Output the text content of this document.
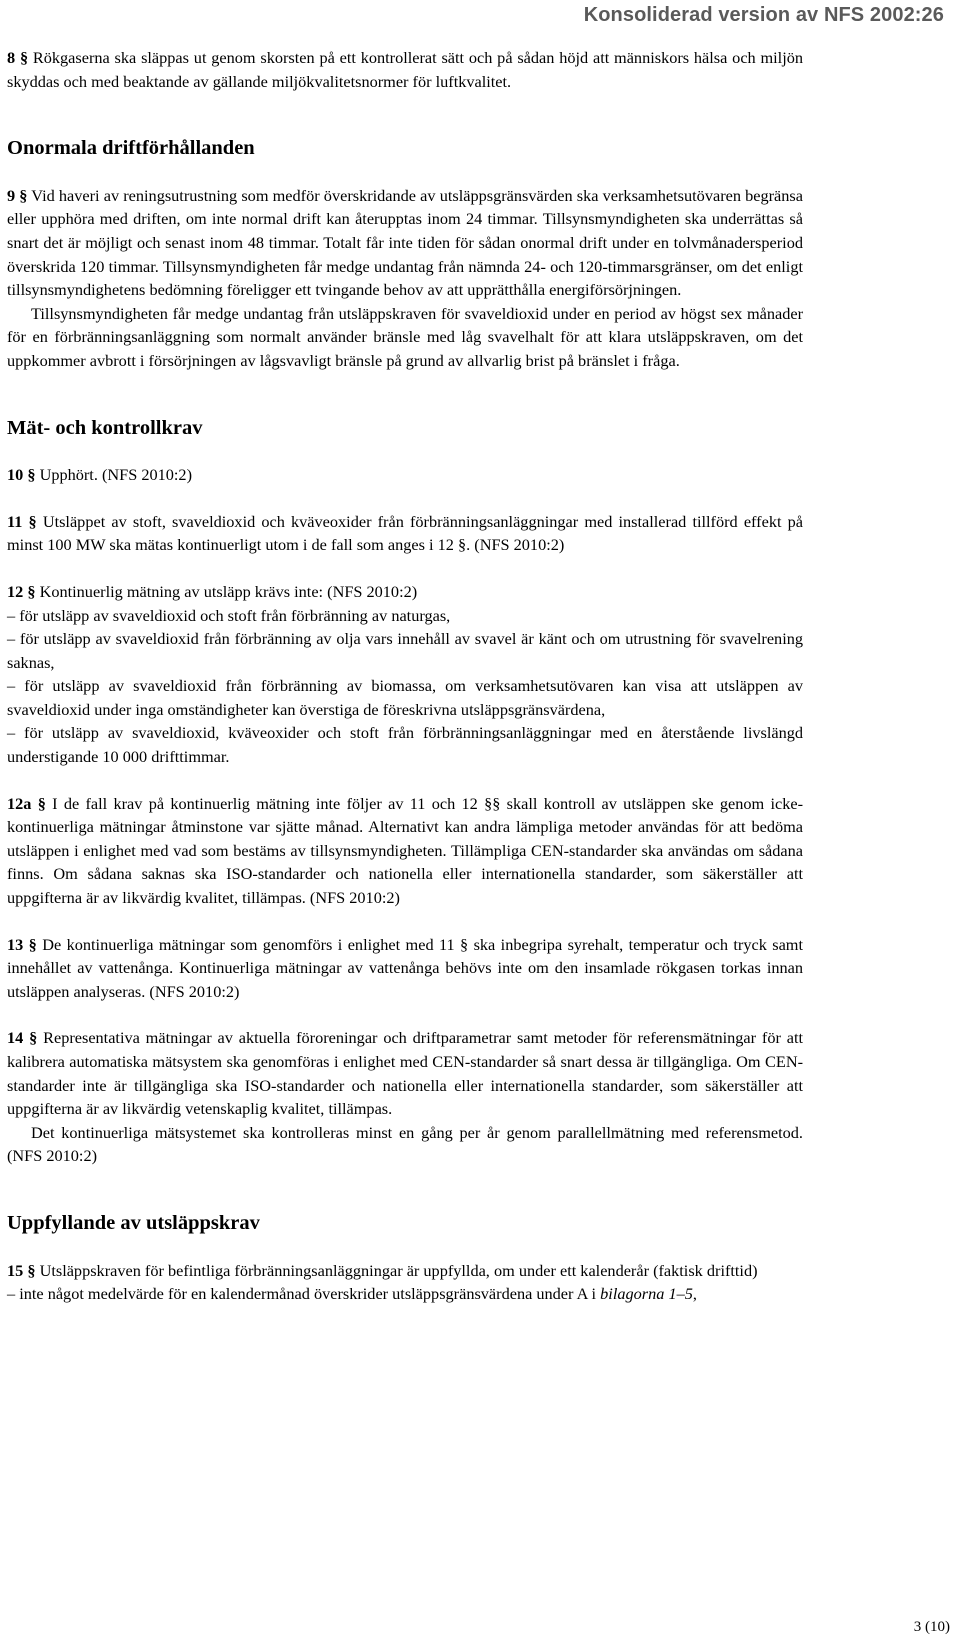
Konsoliderad version av NFS 2002:26

8 § Rökgaserna ska släppas ut genom skorsten på ett kontrollerat sätt och på sådan höjd att människors hälsa och miljön skyddas och med beaktande av gällande miljökvalitetsnormer för luftkvalitet.

Onormala driftförhållanden

9 § Vid haveri av reningsutrustning som medför överskridande av utsläppsgränsvärden ska verksamhetsutövaren begränsa eller upphöra med driften, om inte normal drift kan återupptas inom 24 timmar. Tillsynsmyndigheten ska underrättas så snart det är möjligt och senast inom 48 timmar. Totalt får inte tiden för sådan onormal drift under en tolvmånadersperiod överskrida 120 timmar. Tillsynsmyndigheten får medge undantag från nämnda 24- och 120-timmarsgränser, om det enligt tillsynsmyndighetens bedömning föreligger ett tvingande behov av att upprätthålla energiförsörjningen.

Tillsynsmyndigheten får medge undantag från utsläppskraven för svaveldioxid under en period av högst sex månader för en förbränningsanläggning som normalt använder bränsle med låg svavelhalt för att klara utsläppskraven, om det uppkommer avbrott i försörjningen av lågsvavligt bränsle på grund av allvarlig brist på bränslet i fråga.

Mät- och kontrollkrav

10 § Upphört. (NFS 2010:2)

11 § Utsläppet av stoft, svaveldioxid och kväveoxider från förbränningsanläggningar med installerad tillförd effekt på minst 100 MW ska mätas kontinuerligt utom i de fall som anges i 12 §. (NFS 2010:2)

12 § Kontinuerlig mätning av utsläpp krävs inte: (NFS 2010:2)

– för utsläpp av svaveldioxid och stoft från förbränning av naturgas,

– för utsläpp av svaveldioxid från förbränning av olja vars innehåll av svavel är känt och om utrustning för svavelrening saknas,

– för utsläpp av svaveldioxid från förbränning av biomassa, om verksamhetsutövaren kan visa att utsläppen av svaveldioxid under inga omständigheter kan överstiga de föreskrivna utsläppsgränsvärdena,

– för utsläpp av svaveldioxid, kväveoxider och stoft från förbränningsanläggningar med en återstående livslängd understigande 10 000 drifttimmar.

12a § I de fall krav på kontinuerlig mätning inte följer av 11 och 12 §§ skall kontroll av utsläppen ske genom icke-kontinuerliga mätningar åtminstone var sjätte månad. Alternativt kan andra lämpliga metoder användas för att bedöma utsläppen i enlighet med vad som bestäms av tillsynsmyndigheten. Tillämpliga CEN-standarder ska användas om sådana finns. Om sådana saknas ska ISO-standarder och nationella eller internationella standarder, som säkerställer att uppgifterna är av likvärdig kvalitet, tillämpas. (NFS 2010:2)

13 § De kontinuerliga mätningar som genomförs i enlighet med 11 § ska inbegripa syrehalt, temperatur och tryck samt innehållet av vattenånga. Kontinuerliga mätningar av vattenånga behövs inte om den insamlade rökgasen torkas innan utsläppen analyseras. (NFS 2010:2)

14 § Representativa mätningar av aktuella föroreningar och driftparametrar samt metoder för referensmätningar för att kalibrera automatiska mätsystem ska genomföras i enlighet med CEN-standarder så snart dessa är tillgängliga. Om CEN-standarder inte är tillgängliga ska ISO-standarder och nationella eller internationella standarder, som säkerställer att uppgifterna är av likvärdig vetenskaplig kvalitet, tillämpas.

Det kontinuerliga mätsystemet ska kontrolleras minst en gång per år genom parallellmätning med referensmetod. (NFS 2010:2)

Uppfyllande av utsläppskrav

15 § Utsläppskraven för befintliga förbränningsanläggningar är uppfyllda, om under ett kalenderår (faktisk drifttid)

– inte något medelvärde för en kalendermånad överskrider utsläppsgränsvärdena under A i bilagorna 1–5,

3 (10)
